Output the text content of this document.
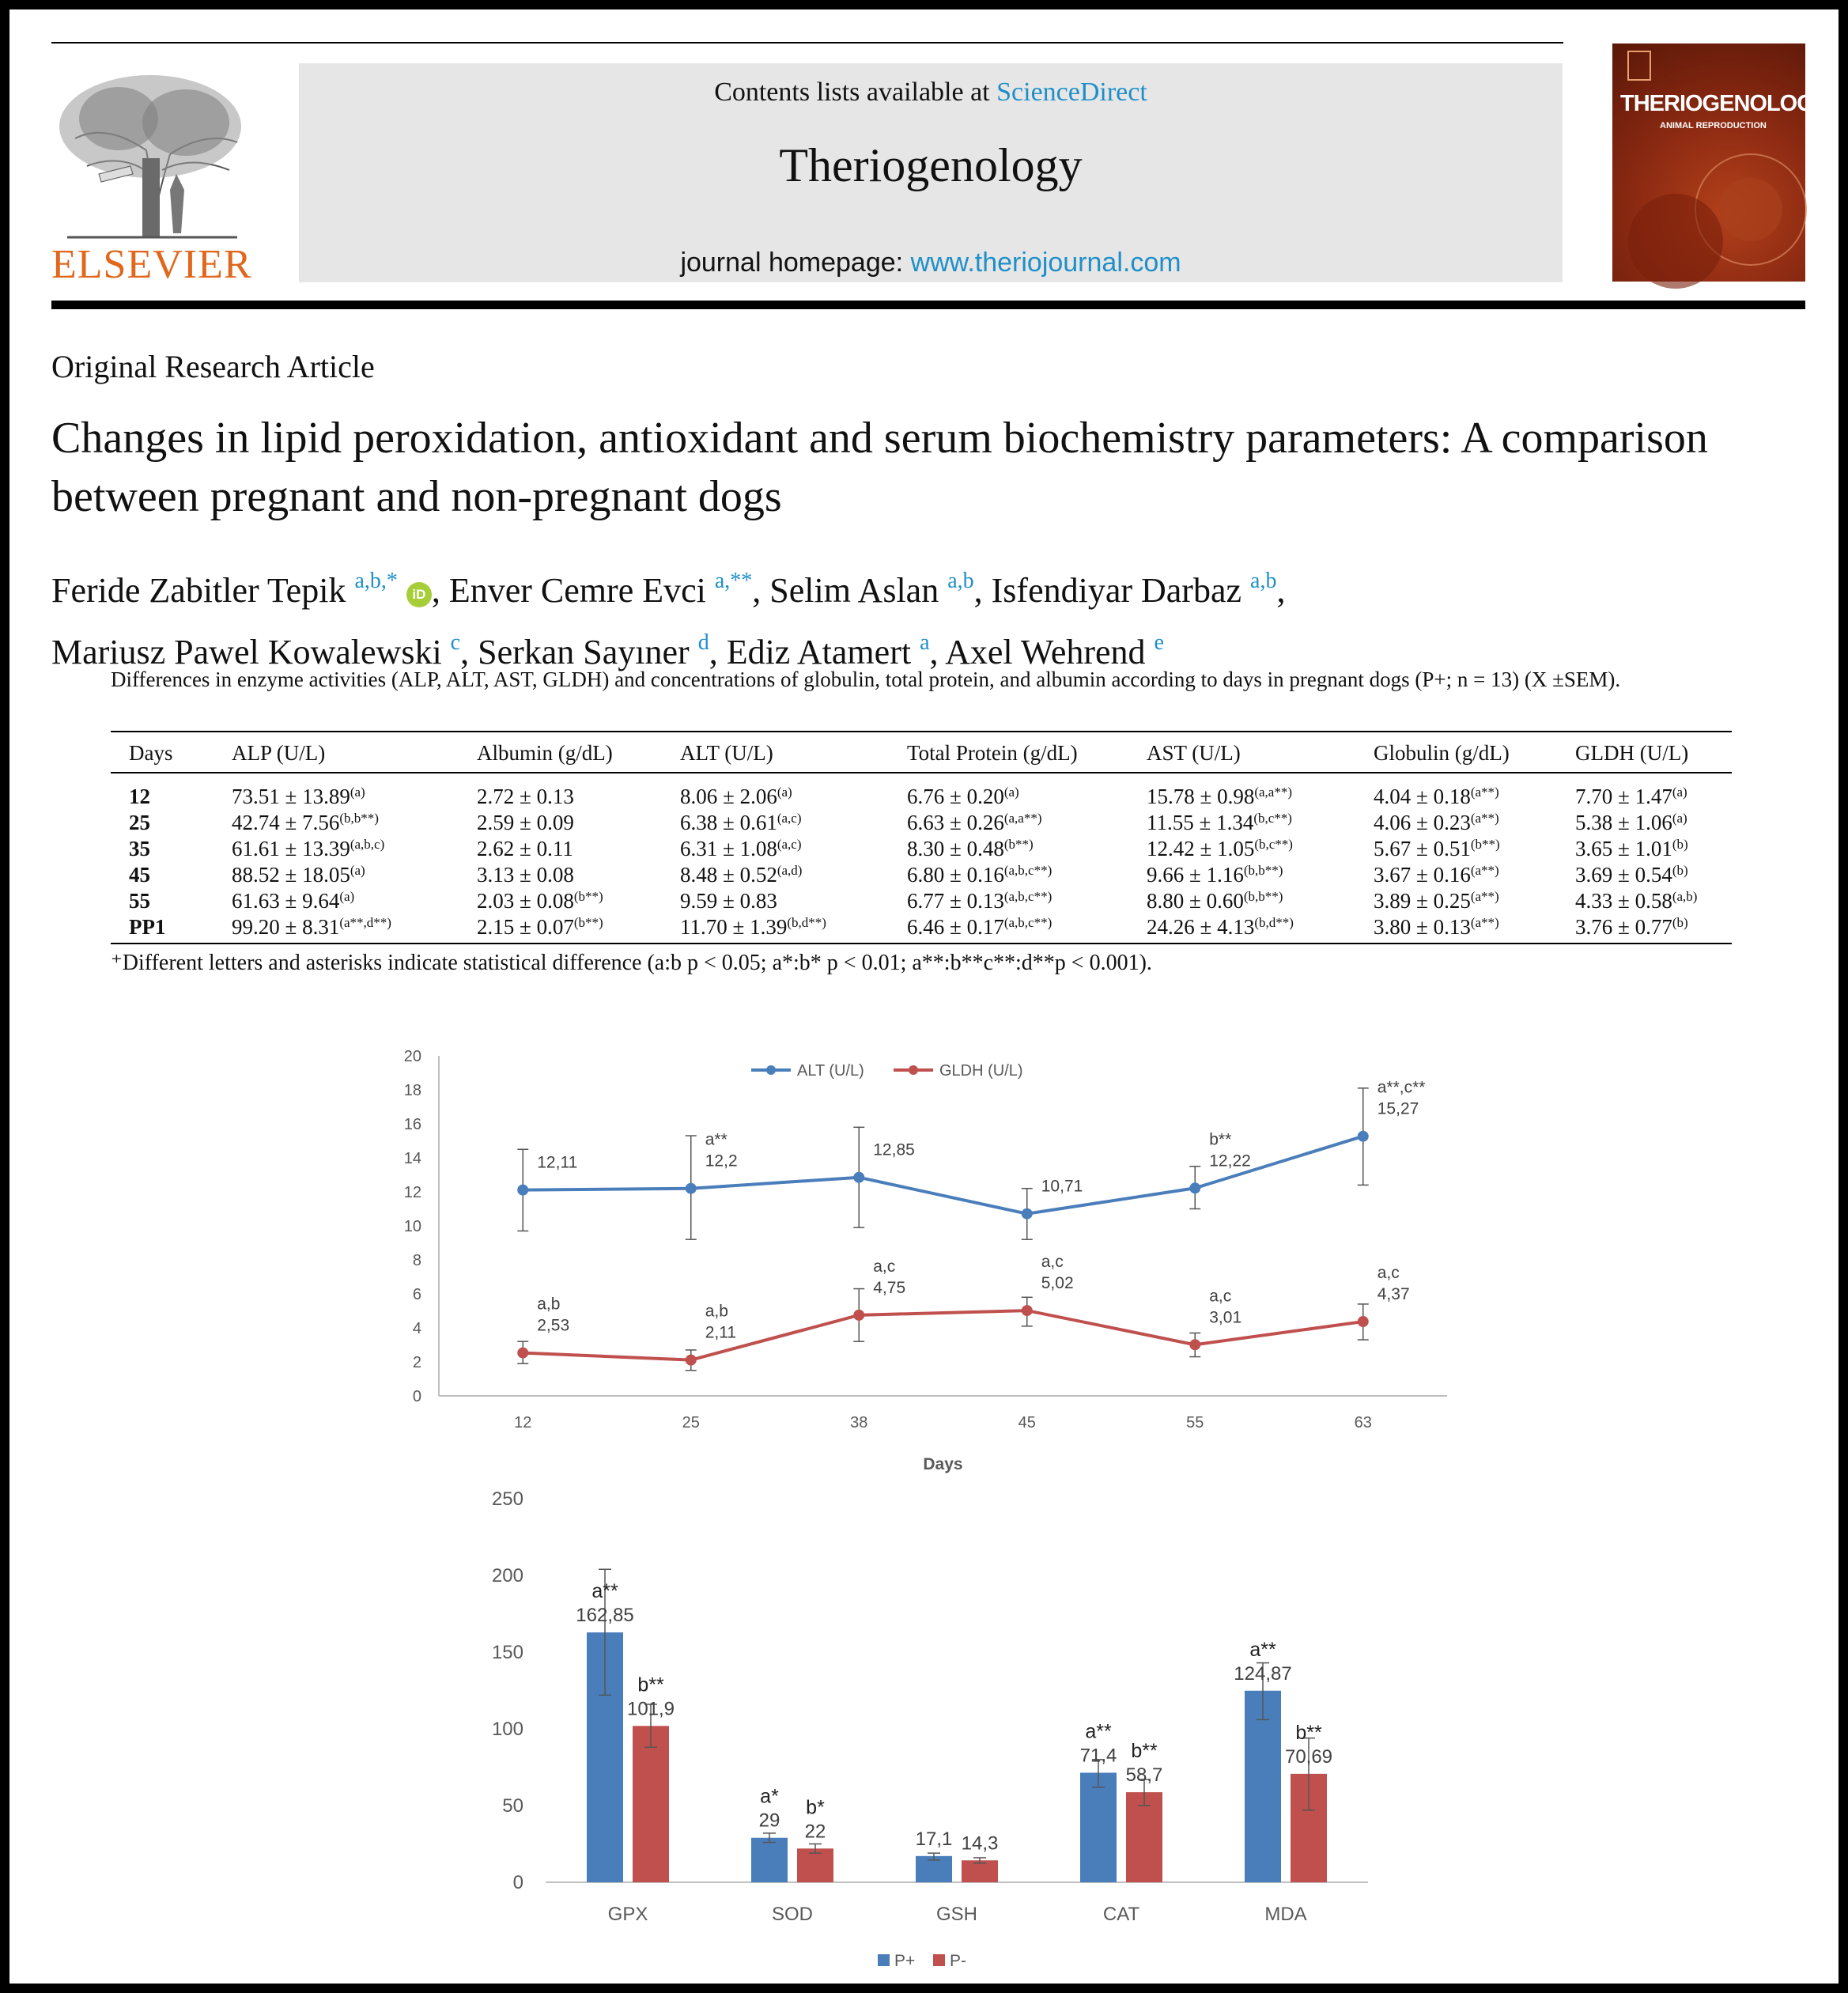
ELSEVIER
Contents lists available at ScienceDirect
Theriogenology
journal homepage: www.theriojournal.com
THERIOGENOLOGY
ANIMAL REPRODUCTION
Original Research Article
Changes in lipid peroxidation, antioxidant and serum biochemistry parameters: A comparison between pregnant and non-pregnant dogs
Feride Zabitler Tepik $^{a,b,*}$ iD , Enver Cemre Evci $^{a,**}$, Selim Aslan $^{a,b}$, Isfendiyar Darbaz $^{a,b}$,
Mariusz Pawel Kowalewski $^c$, Serkan Sayıner $^d$, Ediz Atamert $^a$, Axel Wehrend $^e$
Differences in enzyme activities (ALP, ALT, AST, GLDH) and concentrations of globulin, total protein, and albumin according to days in pregnant dogs (P+; n = 13) (X ±SEM).
Days	ALP (U/L)	Albumin (g/dL)	ALT (U/L)	Total Protein (g/dL)	AST (U/L)	Globulin (g/dL)	GLDH (U/L)
12	$73.51 \pm 13.89^{(a)}$	2.72 ± 0.13	$8.06 \pm 2.06^{(a)}$	$6.76 \pm 0.20^{(a)}$	$15.78 \pm 0.98^{(a,a**)}$	$4.04 \pm 0.18^{(a**)}$	$7.70 \pm 1.47^{(a)}$
25	$42.74 \pm 7.56^{(b,b**)}$	2.59 ± 0.09	$6.38 \pm 0.61^{(a,c)}$	$6.63 \pm 0.26^{(a,a**)}$	$11.55 \pm 1.34^{(b,c**)}$	$4.06 \pm 0.23^{(a**)}$	$5.38 \pm 1.06^{(a)}$
35	$61.61 \pm 13.39^{(a,b,c)}$	2.62 ± 0.11	$6.31 \pm 1.08^{(a,c)}$	$8.30 \pm 0.48^{(b**)}$	$12.42 \pm 1.05^{(b,c**)}$	$5.67 \pm 0.51^{(b**)}$	$3.65 \pm 1.01^{(b)}$
45	$88.52 \pm 18.05^{(a)}$	3.13 ± 0.08	$8.48 \pm 0.52^{(a,d)}$	$6.80 \pm 0.16^{(a,b,c**)}$	$9.66 \pm 1.16^{(b,b**)}$	$3.67 \pm 0.16^{(a**)}$	$3.69 \pm 0.54^{(b)}$
55	$61.63 \pm 9.64^{(a)}$	$2.03 \pm 0.08^{(b**)}$	9.59 ± 0.83	$6.77 \pm 0.13^{(a,b,c**)}$	$8.80 \pm 0.60^{(b,b**)}$	$3.89 \pm 0.25^{(a**)}$	$4.33 \pm 0.58^{(a,b)}$
PP1	$99.20 \pm 8.31^{(a**,d**)}$	$2.15 \pm 0.07^{(b**)}$	$11.70 \pm 1.39^{(b,d**)}$	$6.46 \pm 0.17^{(a,b,c**)}$	$24.26 \pm 4.13^{(b,d**)}$	$3.80 \pm 0.13^{(a**)}$	$3.76 \pm 0.77^{(b)}$
⁺Different letters and asterisks indicate statistical difference (a:b p < 0.05; a*:b* p < 0.01; a**:b**c**:d**p < 0.001).
0
2
4
6
8
10
12
14
16
18
20
12	25	38	45	55	63
Days
ALT (U/L)	GLDH (U/L)
12,11	12,2
a**
12,85
10,71
12,22
b**
15,27
a**,c**
2,53
a,b
2,11
a,b
4,75
a,c
5,02
a,c
3,01
a,c	4,37
a,c
0
50
100
150
200
250
GPX
162,85
a**
101,9
b**
SOD
29
a*
22
b*
GSH
17,1 14,3
CAT
71,4
a**
58,7
b**
MDA
124,87
a**
70,69
b**
P+ P-
